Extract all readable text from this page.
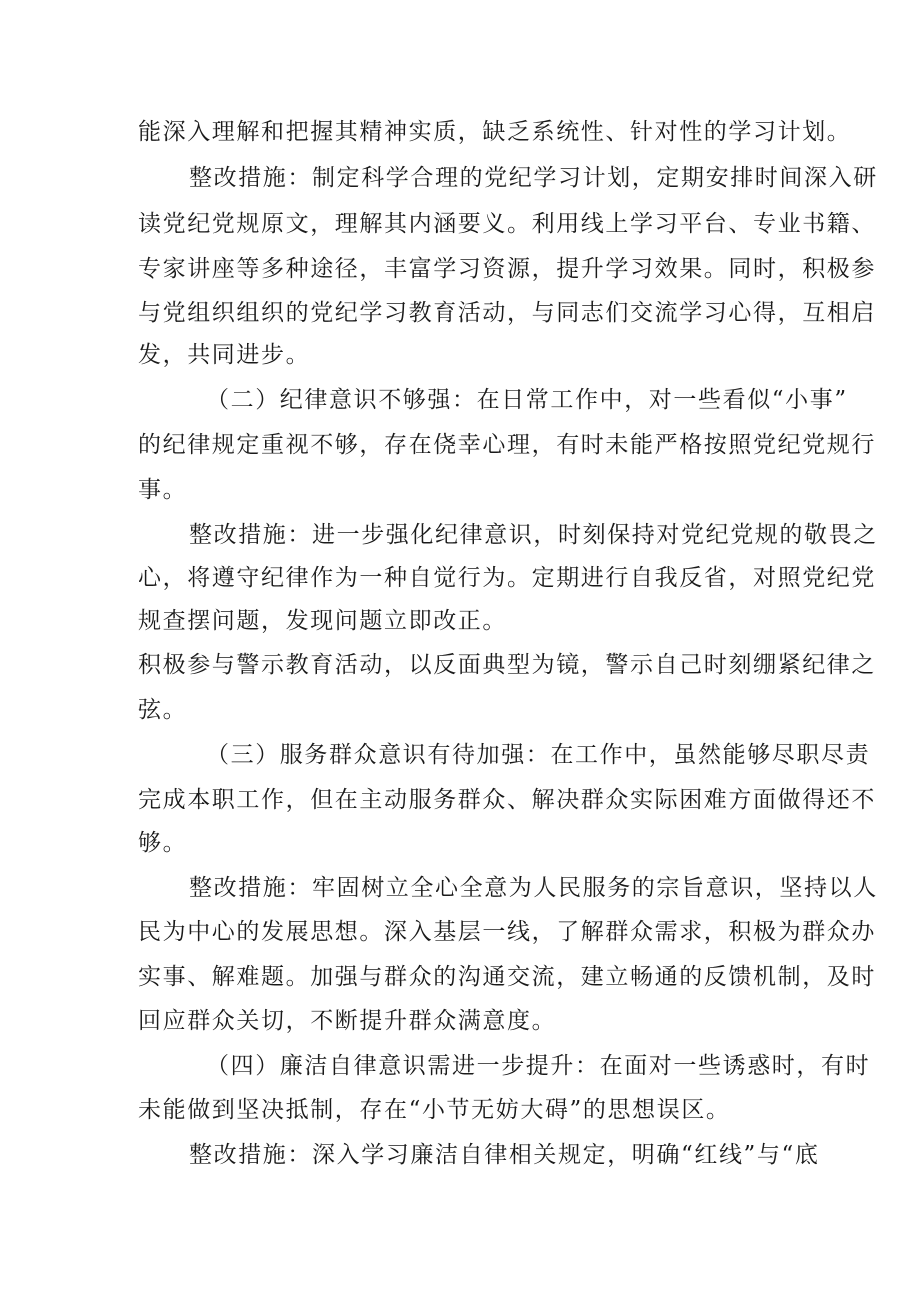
能深入理解和把握其精神实质，缺乏系统性、针对性的学习计划。
整改措施：制定科学合理的党纪学习计划，定期安排时间深入研
读党纪党规原文，理解其内涵要义。利用线上学习平台、专业书籍、
专家讲座等多种途径，丰富学习资源，提升学习效果。同时，积极参
与党组织组织的党纪学习教育活动，与同志们交流学习心得，互相启
发，共同进步。
（二）纪律意识不够强：在日常工作中，对一些看似“小事”
的纪律规定重视不够，存在侥幸心理，有时未能严格按照党纪党规行
事。
整改措施：进一步强化纪律意识，时刻保持对党纪党规的敬畏之
心，将遵守纪律作为一种自觉行为。定期进行自我反省，对照党纪党
规查摆问题，发现问题立即改正。
积极参与警示教育活动，以反面典型为镜，警示自己时刻绷紧纪律之
弦。
（三）服务群众意识有待加强：在工作中，虽然能够尽职尽责
完成本职工作，但在主动服务群众、解决群众实际困难方面做得还不
够。
整改措施：牢固树立全心全意为人民服务的宗旨意识，坚持以人
民为中心的发展思想。深入基层一线，了解群众需求，积极为群众办
实事、解难题。加强与群众的沟通交流，建立畅通的反馈机制，及时
回应群众关切，不断提升群众满意度。
（四）廉洁自律意识需进一步提升：在面对一些诱惑时，有时
未能做到坚决抵制，存在“小节无妨大碍”的思想误区。
整改措施：深入学习廉洁自律相关规定，明确“红线”与“底
